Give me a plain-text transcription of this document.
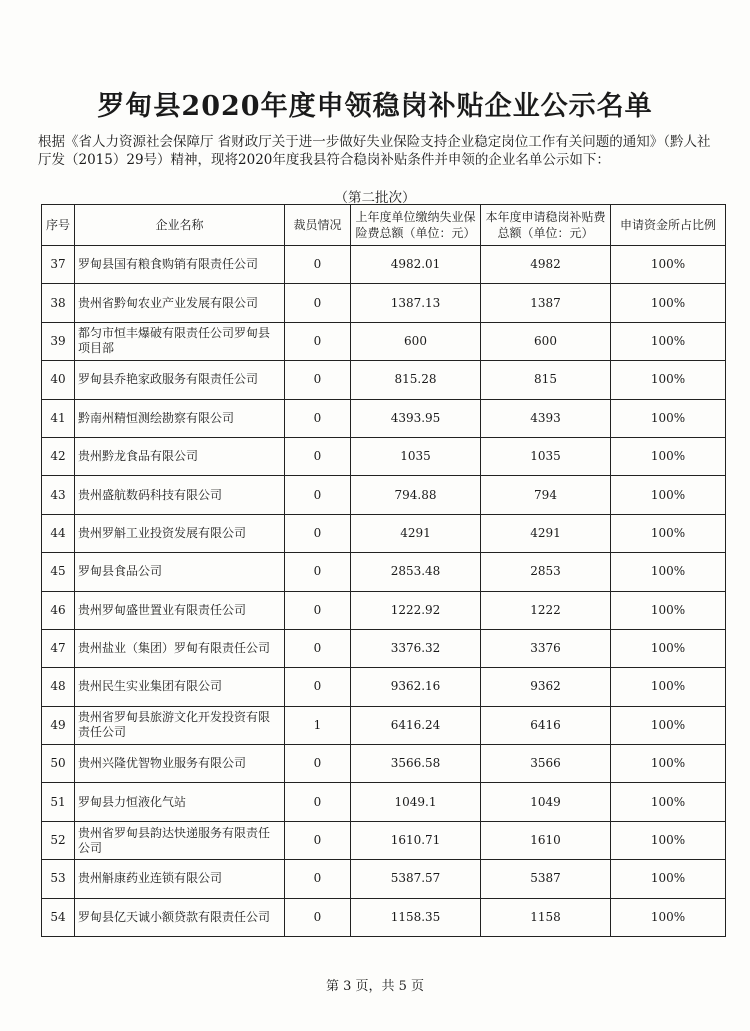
罗甸县2020年度申领稳岗补贴企业公示名单
根据《省人力资源社会保障厅 省财政厅关于进一步做好失业保险支持企业稳定岗位工作有关问题的通知》（黔人社厅发（2015）29号）精神，现将2020年度我县符合稳岗补贴条件并申领的企业名单公示如下：
（第二批次）
序号	企业名称	裁员情况	上年度单位缴纳失业保险费总额（单位：元）	本年度申请稳岗补贴费总额（单位：元）	申请资金所占比例
37	罗甸县国有粮食购销有限责任公司	0	4982.01	4982	100%
38	贵州省黔甸农业产业发展有限公司	0	1387.13	1387	100%
39	都匀市恒丰爆破有限责任公司罗甸县项目部	0	600	600	100%
40	罗甸县乔艳家政服务有限责任公司	0	815.28	815	100%
41	黔南州精恒测绘勘察有限公司	0	4393.95	4393	100%
42	贵州黔龙食品有限公司	0	1035	1035	100%
43	贵州盛航数码科技有限公司	0	794.88	794	100%
44	贵州罗斛工业投资发展有限公司	0	4291	4291	100%
45	罗甸县食品公司	0	2853.48	2853	100%
46	贵州罗甸盛世置业有限责任公司	0	1222.92	1222	100%
47	贵州盐业（集团）罗甸有限责任公司	0	3376.32	3376	100%
48	贵州民生实业集团有限公司	0	9362.16	9362	100%
49	贵州省罗甸县旅游文化开发投资有限责任公司	1	6416.24	6416	100%
50	贵州兴隆优智物业服务有限公司	0	3566.58	3566	100%
51	罗甸县力恒液化气站	0	1049.1	1049	100%
52	贵州省罗甸县韵达快递服务有限责任公司	0	1610.71	1610	100%
53	贵州斛康药业连锁有限公司	0	5387.57	5387	100%
54	罗甸县亿天诚小额贷款有限责任公司	0	1158.35	1158	100%
第 3 页，共 5 页
